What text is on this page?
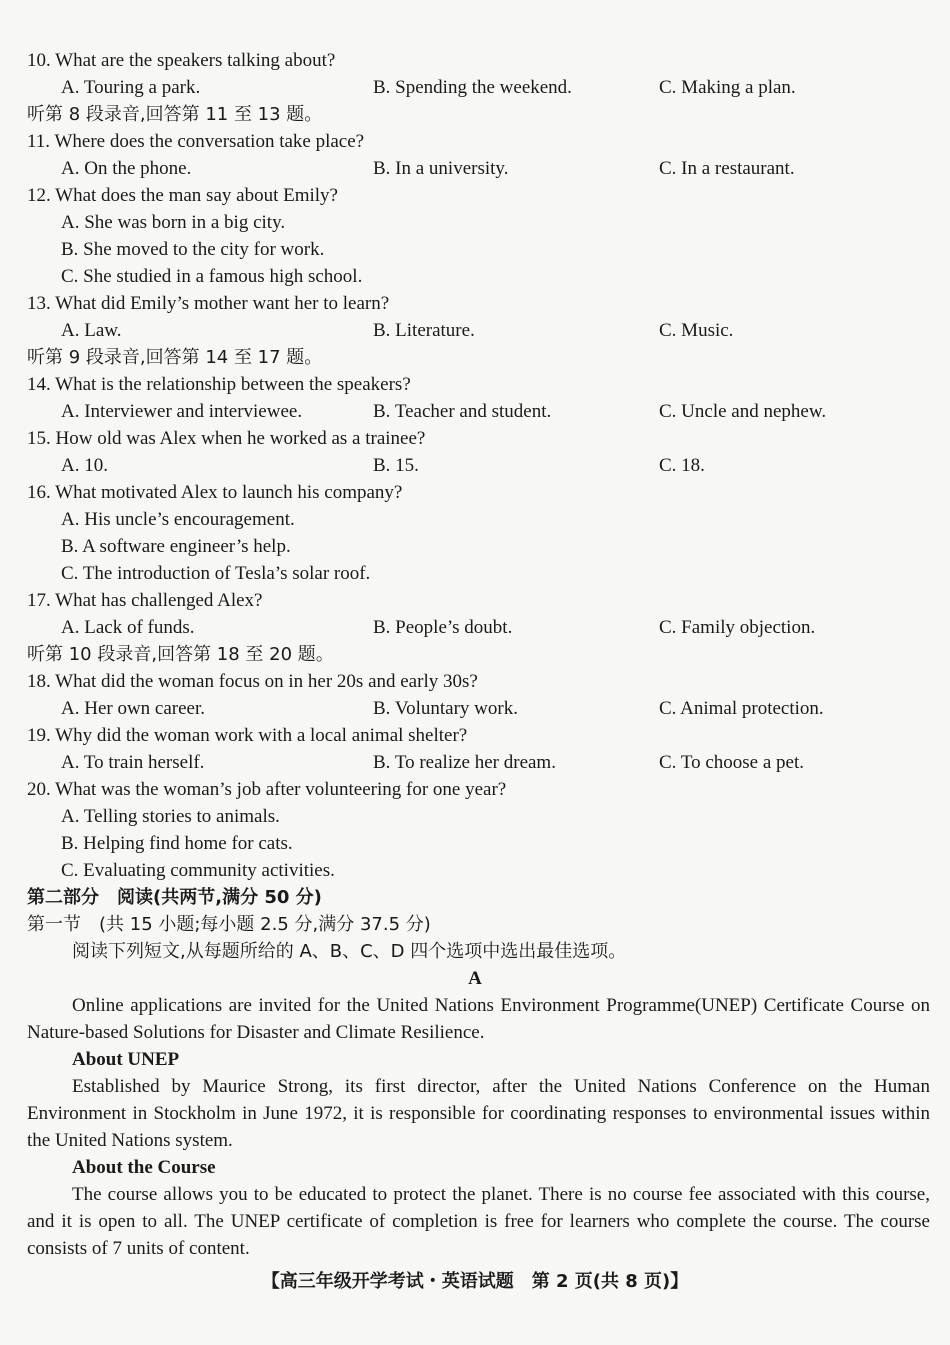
10. What are the speakers talking about?
A. Touring a park.	B. Spending the weekend.	C. Making a plan.
听第 8 段录音,回答第 11 至 13 题。
11. Where does the conversation take place?
A. On the phone.	B. In a university.	C. In a restaurant.
12. What does the man say about Emily?
A. She was born in a big city.
B. She moved to the city for work.
C. She studied in a famous high school.
13. What did Emily’s mother want her to learn?
A. Law.	B. Literature.	C. Music.
听第 9 段录音,回答第 14 至 17 题。
14. What is the relationship between the speakers?
A. Interviewer and interviewee.	B. Teacher and student.	C. Uncle and nephew.
15. How old was Alex when he worked as a trainee?
A. 10.	B. 15.	C. 18.
16. What motivated Alex to launch his company?
A. His uncle’s encouragement.
B. A software engineer’s help.
C. The introduction of Tesla’s solar roof.
17. What has challenged Alex?
A. Lack of funds.	B. People’s doubt.	C. Family objection.
听第 10 段录音,回答第 18 至 20 题。
18. What did the woman focus on in her 20s and early 30s?
A. Her own career.	B. Voluntary work.	C. Animal protection.
19. Why did the woman work with a local animal shelter?
A. To train herself.	B. To realize her dream.	C. To choose a pet.
20. What was the woman’s job after volunteering for one year?
A. Telling stories to animals.
B. Helping find home for cats.
C. Evaluating community activities.
第二部分　阅读(共两节,满分 50 分)
第一节　(共 15 小题;每小题 2.5 分,满分 37.5 分)
阅读下列短文,从每题所给的 A、B、C、D 四个选项中选出最佳选项。
A
Online applications are invited for the United Nations Environment Programme(UNEP) Certificate Course on Nature-based Solutions for Disaster and Climate Resilience.
About UNEP
Established by Maurice Strong, its first director, after the United Nations Conference on the Human Environment in Stockholm in June 1972, it is responsible for coordinating responses to environmental issues within the United Nations system.
About the Course
The course allows you to be educated to protect the planet. There is no course fee associated with this course, and it is open to all. The UNEP certificate of completion is free for learners who complete the course. The course consists of 7 units of content.
【高三年级开学考试・英语试题　第 2 页(共 8 页)】
